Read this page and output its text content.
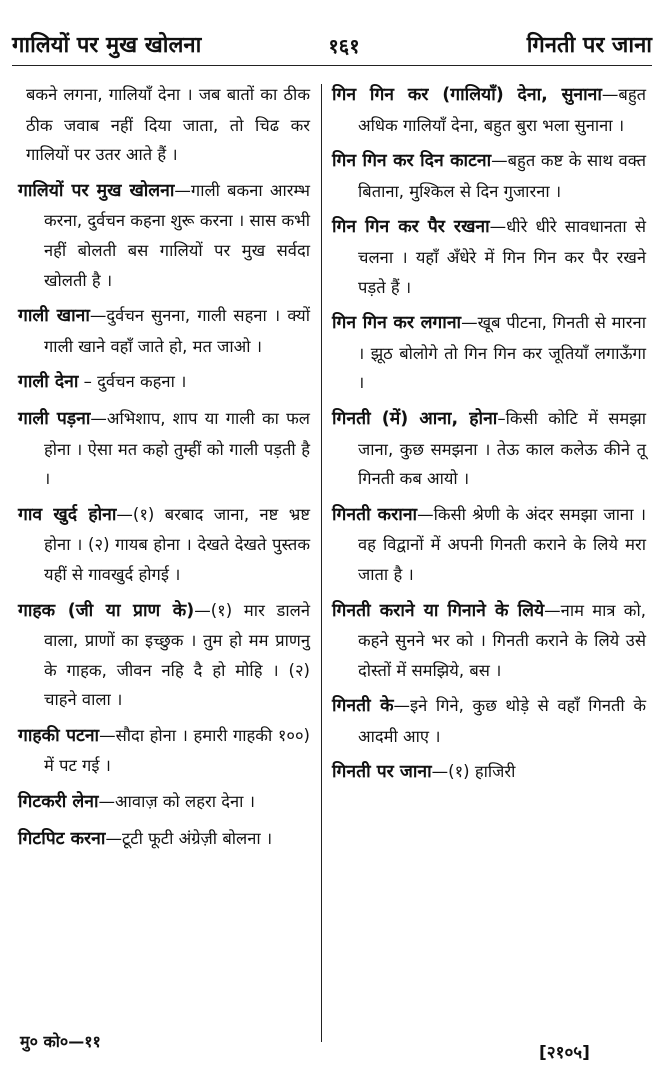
गालियों पर मुख खोलना	१६१	गिनती पर जाना
बकने लगना, गालियाँ देना । जब बातों का ठीक ठीक जवाब नहीं दिया जाता, तो चिढ कर गालियों पर उतर आते हैं ।
गालियों पर मुख खोलना—गाली बकना आरम्भ करना, दुर्वचन कहना शुरू करना । सास कभी नहीं बोलती बस गालियों पर मुख सर्वदा खोलती है ।
गाली खाना—दुर्वचन सुनना, गाली सहना । क्यों गाली खाने वहाँ जाते हो, मत जाओ ।
गाली देना – दुर्वचन कहना ।
गाली पड़ना—अभिशाप, शाप या गाली का फल होना । ऐसा मत कहो तुम्हीं को गाली पड़ती है ।
गाव खुर्द होना—(१) बरबाद जाना, नष्ट भ्रष्ट होना । (२) गायब होना । देखते देखते पुस्तक यहीं से गावखुर्द होगई ।
गाहक (जी या प्राण के)—(१) मार डालने वाला, प्राणों का इच्छुक । तुम हो मम प्राणनु के गाहक, जीवन नहि दै हो मोहि । (२) चाहने वाला ।
गाहकी पटना—सौदा होना । हमारी गाहकी १००) में पट गई ।
गिटकरी लेना—आवाज़ को लहरा देना ।
गिटपिट करना—टूटी फूटी अंग्रेज़ी बोलना ।
गिन गिन कर (गालियाँ) देना, सुनाना—बहुत अधिक गालियाँ देना, बहुत बुरा भला सुनाना ।
गिन गिन कर दिन काटना—बहुत कष्ट के साथ वक्त बिताना, मुश्किल से दिन गुजारना ।
गिन गिन कर पैर रखना—धीरे धीरे सावधानता से चलना । यहाँ अँधेरे में गिन गिन कर पैर रखने पड़ते हैं ।
गिन गिन कर लगाना—खूब पीटना, गिनती से मारना । झूठ बोलोगे तो गिन गिन कर जूतियाँ लगाऊँगा ।
गिनती (में) आना, होना–किसी कोटि में समझा जाना, कुछ समझना । तेऊ काल कलेऊ कीने तू गिनती कब आयो ।
गिनती कराना—किसी श्रेणी के अंदर समझा जाना । वह विद्वानों में अपनी गिनती कराने के लिये मरा जाता है ।
गिनती कराने या गिनाने के लिये—नाम मात्र को, कहने सुनने भर को । गिनती कराने के लिये उसे दोस्तों में समझिये, बस ।
गिनती के—इने गिने, कुछ थोड़े से वहाँ गिनती के आदमी आए ।
गिनती पर जाना—(१) हाजिरी
मु० को०—११
[२१०५]
